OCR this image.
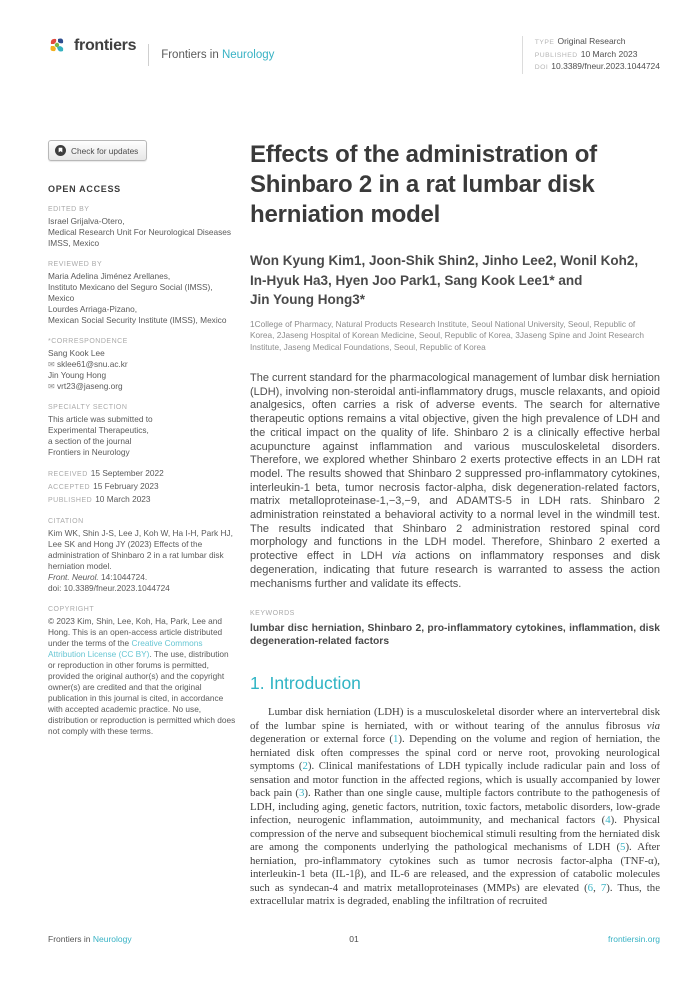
frontiers
Frontiers in Neurology
TYPE Original Research
PUBLISHED 10 March 2023
DOI 10.3389/fneur.2023.1044724
Check for updates
OPEN ACCESS
EDITED BY
Israel Grijalva-Otero,
Medical Research Unit For Neurological Diseases IMSS, Mexico
REVIEWED BY
Maria Adelina Jiménez Arellanes,
Instituto Mexicano del Seguro Social (IMSS), Mexico
Lourdes Arriaga-Pizano,
Mexican Social Security Institute (IMSS), Mexico
*CORRESPONDENCE
Sang Kook Lee
✉ sklee61@snu.ac.kr
Jin Young Hong
✉ vrt23@jaseng.org
SPECIALTY SECTION
This article was submitted to
Experimental Therapeutics,
a section of the journal
Frontiers in Neurology
RECEIVED 15 September 2022
ACCEPTED 15 February 2023
PUBLISHED 10 March 2023
CITATION
Kim WK, Shin J-S, Lee J, Koh W, Ha I-H, Park HJ, Lee SK and Hong JY (2023) Effects of the administration of Shinbaro 2 in a rat lumbar disk herniation model.
Front. Neurol. 14:1044724.
doi: 10.3389/fneur.2023.1044724
COPYRIGHT
© 2023 Kim, Shin, Lee, Koh, Ha, Park, Lee and Hong. This is an open-access article distributed under the terms of the Creative Commons Attribution License (CC BY). The use, distribution or reproduction in other forums is permitted, provided the original author(s) and the copyright owner(s) are credited and that the original publication in this journal is cited, in accordance with accepted academic practice. No use, distribution or reproduction is permitted which does not comply with these terms.
Effects of the administration of
Shinbaro 2 in a rat lumbar disk
herniation model
Won Kyung Kim1, Joon-Shik Shin2, Jinho Lee2, Wonil Koh2,
In-Hyuk Ha3, Hyen Joo Park1, Sang Kook Lee1* and
Jin Young Hong3*
1College of Pharmacy, Natural Products Research Institute, Seoul National University, Seoul, Republic of Korea, 2Jaseng Hospital of Korean Medicine, Seoul, Republic of Korea, 3Jaseng Spine and Joint Research Institute, Jaseng Medical Foundations, Seoul, Republic of Korea
The current standard for the pharmacological management of lumbar disk herniation (LDH), involving non-steroidal anti-inflammatory drugs, muscle relaxants, and opioid analgesics, often carries a risk of adverse events. The search for alternative therapeutic options remains a vital objective, given the high prevalence of LDH and the critical impact on the quality of life. Shinbaro 2 is a clinically effective herbal acupuncture against inflammation and various musculoskeletal disorders. Therefore, we explored whether Shinbaro 2 exerts protective effects in an LDH rat model. The results showed that Shinbaro 2 suppressed pro-inflammatory cytokines, interleukin-1 beta, tumor necrosis factor-alpha, disk degeneration-related factors, matrix metalloproteinase-1,−3,−9, and ADAMTS-5 in LDH rats. Shinbaro 2 administration reinstated a behavioral activity to a normal level in the windmill test. The results indicated that Shinbaro 2 administration restored spinal cord morphology and functions in the LDH model. Therefore, Shinbaro 2 exerted a protective effect in LDH via actions on inflammatory responses and disk degeneration, indicating that future research is warranted to assess the action mechanisms further and validate its effects.
KEYWORDS
lumbar disc herniation, Shinbaro 2, pro-inflammatory cytokines, inflammation, disk degeneration-related factors
1. Introduction
Lumbar disk herniation (LDH) is a musculoskeletal disorder where an intervertebral disk of the lumbar spine is herniated, with or without tearing of the annulus fibrosus via degeneration or external force (1). Depending on the volume and region of herniation, the herniated disk often compresses the spinal cord or nerve root, provoking neurological symptoms (2). Clinical manifestations of LDH typically include radicular pain and loss of sensation and motor function in the affected regions, which is usually accompanied by lower back pain (3). Rather than one single cause, multiple factors contribute to the pathogenesis of LDH, including aging, genetic factors, nutrition, toxic factors, metabolic disorders, low-grade infection, neurogenic inflammation, autoimmunity, and mechanical factors (4). Physical compression of the nerve and subsequent biochemical stimuli resulting from the herniated disk are among the components underlying the pathological mechanisms of LDH (5). After herniation, pro-inflammatory cytokines such as tumor necrosis factor-alpha (TNF-α), interleukin-1 beta (IL-1β), and IL-6 are released, and the expression of catabolic molecules such as syndecan-4 and matrix metalloproteinases (MMPs) are elevated (6, 7). Thus, the extracellular matrix is degraded, enabling the infiltration of recruited
Frontiers in Neurology	01	frontiersin.org
